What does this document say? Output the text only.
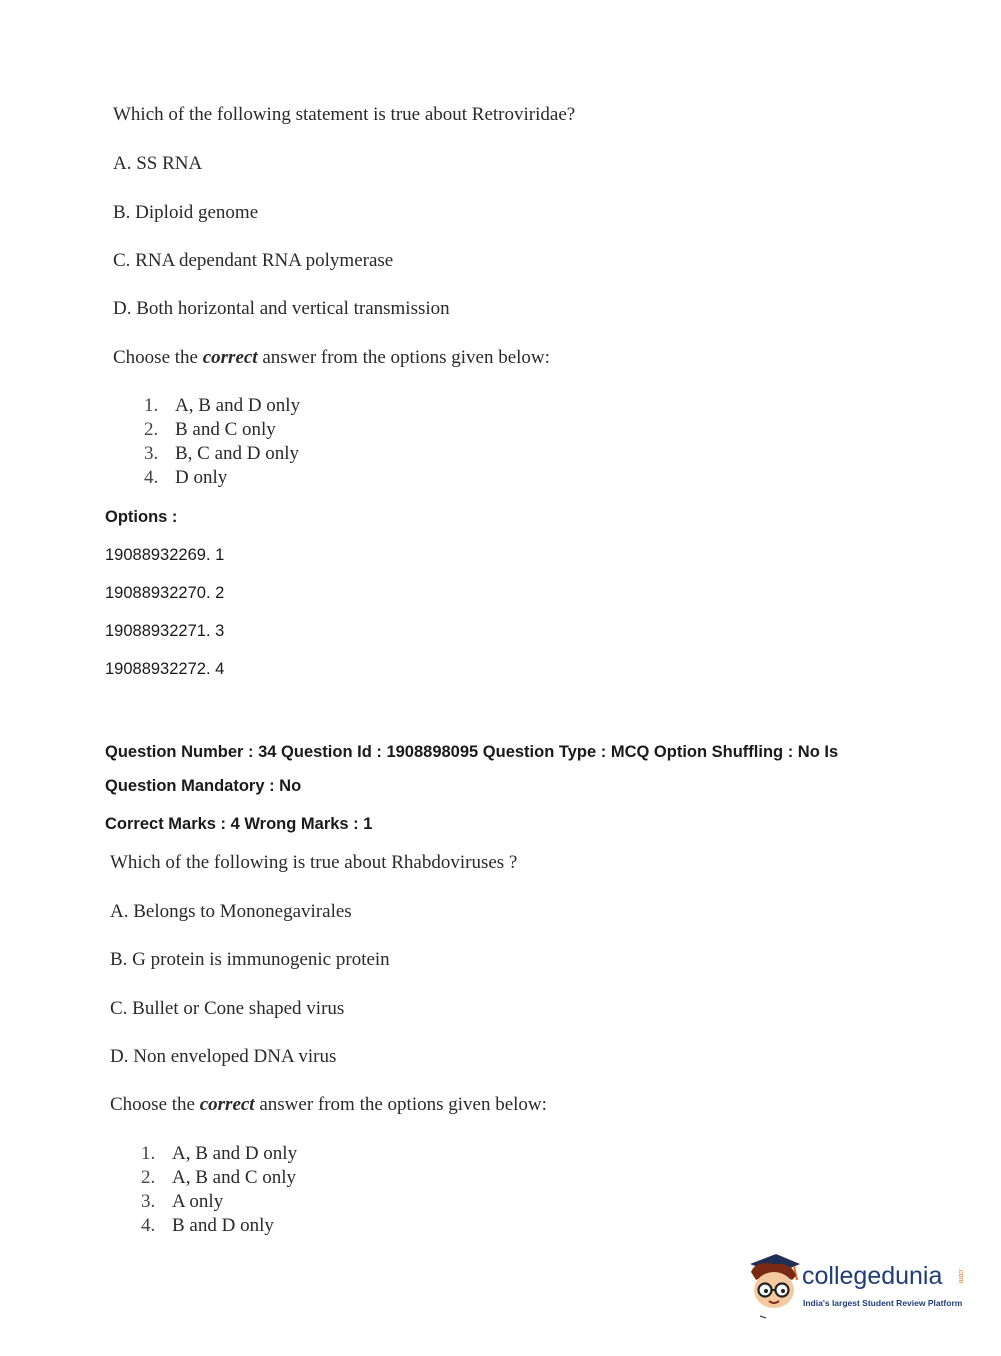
Which of the following statement is true about Retroviridae?
A. SS RNA
B. Diploid genome
C. RNA dependant RNA polymerase
D. Both horizontal and vertical transmission
Choose the correct answer from the options given below:
1. A, B and D only
2. B and C only
3. B, C and D only
4. D only
Options :
19088932269. 1
19088932270. 2
19088932271. 3
19088932272. 4
Question Number : 34 Question Id : 1908898095 Question Type : MCQ Option Shuffling : No Is
Question Mandatory : No
Correct Marks : 4 Wrong Marks : 1
Which of the following is true about Rhabdoviruses ?
A. Belongs to Mononegavirales
B. G protein is immunogenic protein
C. Bullet or Cone shaped virus
D. Non enveloped DNA virus
Choose the correct answer from the options given below:
1. A, B and D only
2. A, B and C only
3. A only
4. B and D only
collegedunia .com
India's largest Student Review Platform
